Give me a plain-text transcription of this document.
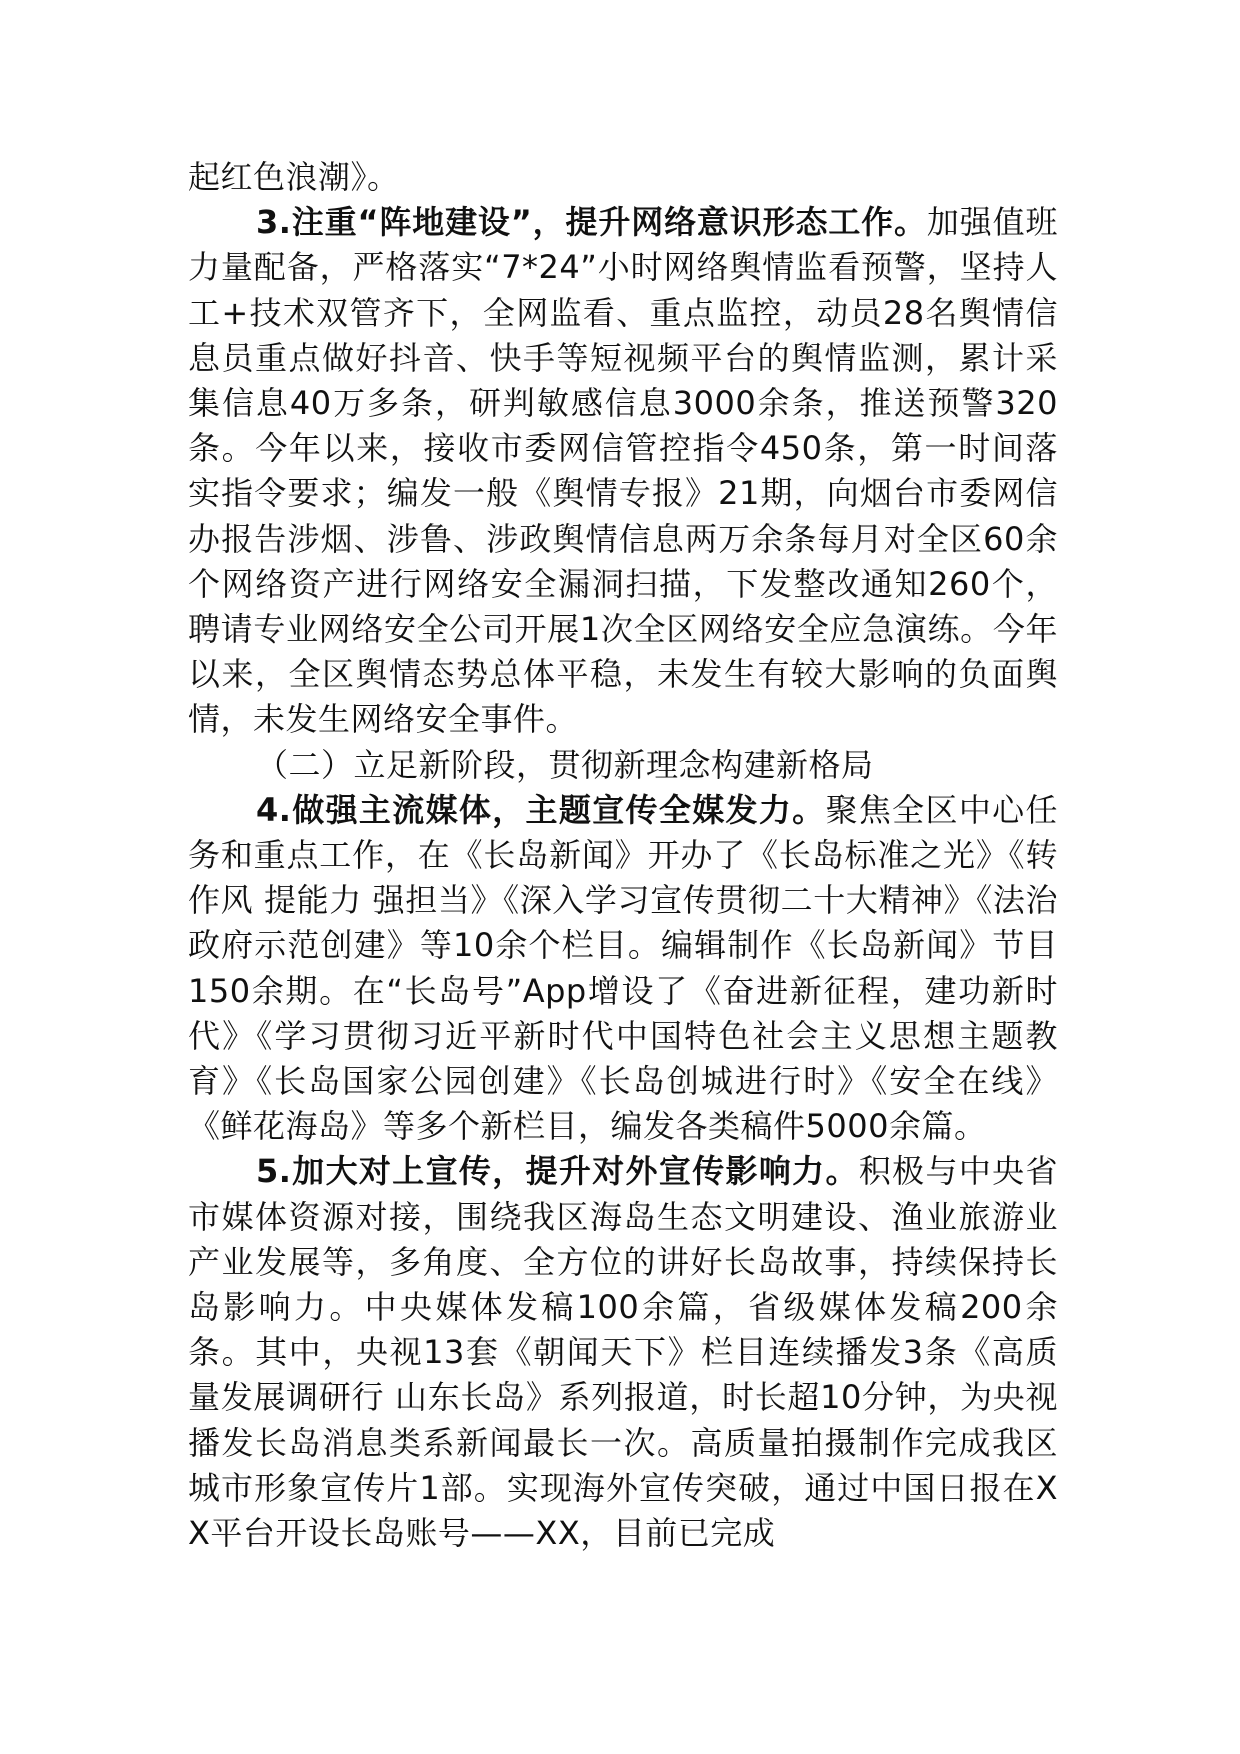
起红色浪潮》。

3.注重“阵地建设”，提升网络意识形态工作。加强值班力量配备，严格落实“7*24”小时网络舆情监看预警，坚持人工+技术双管齐下，全网监看、重点监控，动员28名舆情信息员重点做好抖音、快手等短视频平台的舆情监测，累计采集信息40万多条，研判敏感信息3000余条，推送预警320条。今年以来，接收市委网信管控指令450条，第一时间落实指令要求；编发一般《舆情专报》21期，向烟台市委网信办报告涉烟、涉鲁、涉政舆情信息两万余条每月对全区60余个网络资产进行网络安全漏洞扫描，下发整改通知260个，聘请专业网络安全公司开展1次全区网络安全应急演练。今年以来，全区舆情态势总体平稳，未发生有较大影响的负面舆情，未发生网络安全事件。

（二）立足新阶段，贯彻新理念构建新格局

4.做强主流媒体，主题宣传全媒发力。聚焦全区中心任务和重点工作，在《长岛新闻》开办了《长岛标准之光》《转作风 提能力 强担当》《深入学习宣传贯彻二十大精神》《法治政府示范创建》等10余个栏目。编辑制作《长岛新闻》节目150余期。在“长岛号”App增设了《奋进新征程，建功新时代》《学习贯彻习近平新时代中国特色社会主义思想主题教育》《长岛国家公园创建》《长岛创城进行时》《安全在线》《鲜花海岛》等多个新栏目，编发各类稿件5000余篇。

5.加大对上宣传，提升对外宣传影响力。积极与中央省市媒体资源对接，围绕我区海岛生态文明建设、渔业旅游业产业发展等，多角度、全方位的讲好长岛故事，持续保持长岛影响力。中央媒体发稿100余篇，省级媒体发稿200余条。其中，央视13套《朝闻天下》栏目连续播发3条《高质量发展调研行 山东长岛》系列报道，时长超10分钟，为央视播发长岛消息类系新闻最长一次。高质量拍摄制作完成我区城市形象宣传片1部。实现海外宣传突破，通过中国日报在XX平台开设长岛账号——XX，目前已完成
